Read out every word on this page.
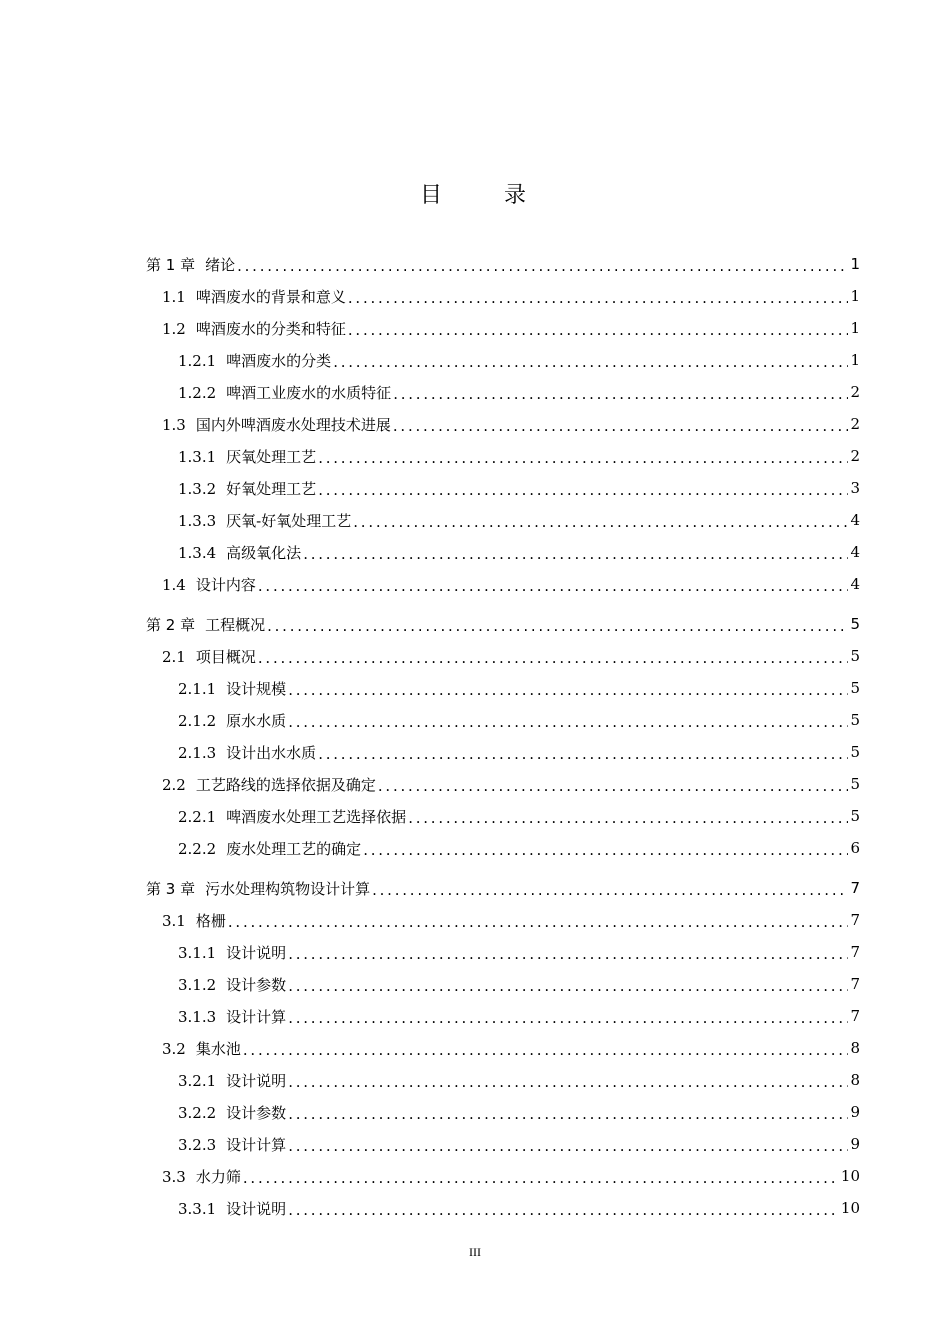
目　录
第 1 章 绪论 . . .	1
1.1 啤酒废水的背景和意义 . . .	1
1.2 啤酒废水的分类和特征 . . .	1
1.2.1 啤酒废水的分类 . . .	1
1.2.2 啤酒工业废水的水质特征 . . .	2
1.3 国内外啤酒废水处理技术进展 . . .	2
1.3.1 厌氧处理工艺 . . .	2
1.3.2 好氧处理工艺 . . .	3
1.3.3 厌氧-好氧处理工艺 . . .	4
1.3.4 高级氧化法 . . .	4
1.4 设计内容 . . .	4
第 2 章 工程概况 . . .	5
2.1 项目概况 . . .	5
2.1.1 设计规模 . . .	5
2.1.2 原水水质 . . .	5
2.1.3 设计出水水质 . . .	5
2.2 工艺路线的选择依据及确定 . . .	5
2.2.1 啤酒废水处理工艺选择依据 . . .	5
2.2.2 废水处理工艺的确定 . . .	6
第 3 章 污水处理构筑物设计计算 . . .	7
3.1 格栅 . . .	7
3.1.1 设计说明 . . .	7
3.1.2 设计参数 . . .	7
3.1.3 设计计算 . . .	7
3.2 集水池 . . .	8
3.2.1 设计说明 . . .	8
3.2.2 设计参数 . . .	9
3.2.3 设计计算 . . .	9
3.3 水力筛 . . .	10
3.3.1 设计说明 . . .	10
III
